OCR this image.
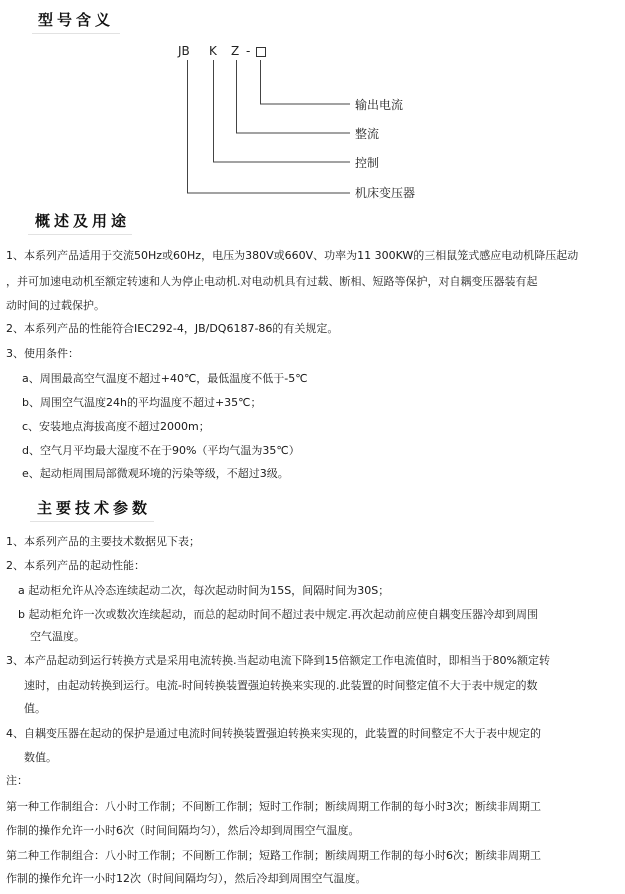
型号含义
JB K Z -
输出电流
整流
控制
机床变压器
概述及用途
1、本系列产品适用于交流50Hz或60Hz，电压为380V或660V、功率为11 300KW的三相鼠笼式感应电动机降压起动
，并可加速电动机至额定转速和人为停止电动机.对电动机具有过载、断相、短路等保护，对自耦变压器装有起
动时间的过载保护。
2、本系列产品的性能符合IEC292-4，JB/DQ6187-86的有关规定。
3、使用条件：
a、周围最高空气温度不超过+40℃，最低温度不低于-5℃
b、周围空气温度24h的平均温度不超过+35℃；
c、安装地点海拔高度不超过2000m；
d、空气月平均最大湿度不在于90%（平均气温为35℃）
e、起动柜周围局部微观环境的污染等级，不超过3级。
主要技术参数
1、本系列产品的主要技术数据见下表；
2、本系列产品的起动性能：
a 起动柜允许从冷态连续起动二次，每次起动时间为15S，间隔时间为30S；
b 起动柜允许一次或数次连续起动，而总的起动时间不超过表中规定.再次起动前应使自耦变压器冷却到周围
空气温度。
3、本产品起动到运行转换方式是采用电流转换.当起动电流下降到15倍额定工作电流值时，即相当于80%额定转
速时，由起动转换到运行。电流-时间转换装置强迫转换来实现的.此装置的时间整定值不大于表中规定的数
值。
4、自耦变压器在起动的保护是通过电流时间转换装置强迫转换来实现的，此装置的时间整定不大于表中规定的
数值。
注：
第一种工作制组合：八小时工作制；不间断工作制；短时工作制；断续周期工作制的每小时3次；断续非周期工
作制的操作允许一小时6次（时间间隔均匀），然后冷却到周围空气温度。
第二种工作制组合：八小时工作制；不间断工作制；短路工作制；断续周期工作制的每小时6次；断续非周期工
作制的操作允许一小时12次（时间间隔均匀），然后冷却到周围空气温度。
